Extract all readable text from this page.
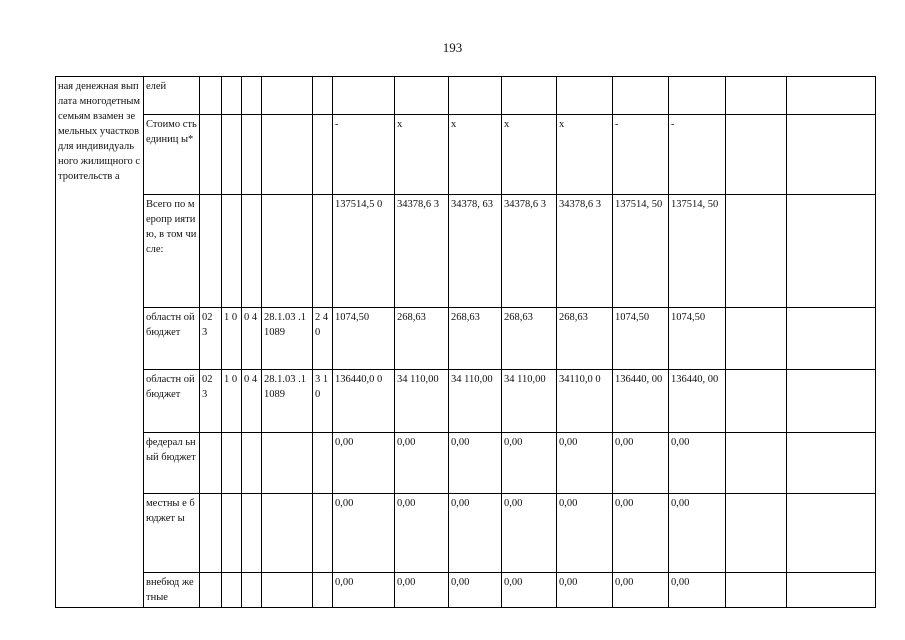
193
ная денежная выплата многодетным семьям взамен земельных участков для индивидуаль ного жилищного строительств а	елей														
	Стоимо сть единиц ы*						-	х	х	х	х	-	-		
	Всего по меропр иятию, в том числе:						137514,5 0	34378,6 3	34378, 63	34378,6 3	34378,6 3	137514, 50	137514, 50		
	областн ой бюджет	02 3	1 0	0 4	28.1.03 .11089	2 4 0	1074,50	268,63	268,63	268,63	268,63	1074,50	1074,50		
	областн ой бюджет	02 3	1 0	0 4	28.1.03 .11089	3 1 0	136440,0 0	34 110,00	34 110,00	34 110,00	34110,0 0	136440, 00	136440, 00		
	федерал ьный бюджет						0,00	0,00	0,00	0,00	0,00	0,00	0,00		
	местны е бюджет ы						0,00	0,00	0,00	0,00	0,00	0,00	0,00		
	внебюд жетные						0,00	0,00	0,00	0,00	0,00	0,00	0,00		
